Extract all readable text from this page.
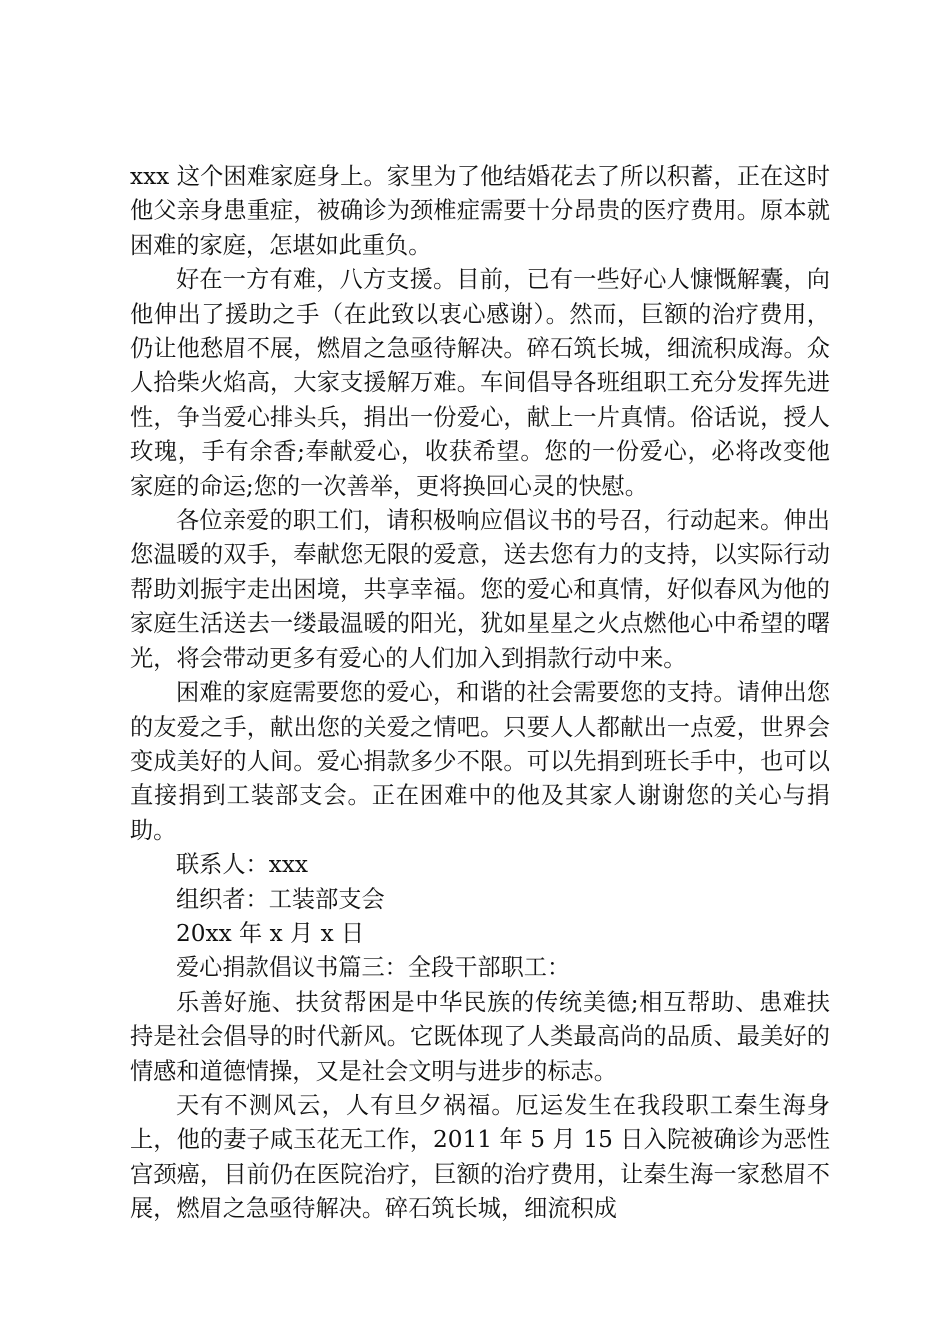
xxx 这个困难家庭身上。家里为了他结婚花去了所以积蓄，正在这时他父亲身患重症，被确诊为颈椎症需要十分昂贵的医疗费用。原本就困难的家庭，怎堪如此重负。

好在一方有难，八方支援。目前，已有一些好心人慷慨解囊，向他伸出了援助之手（在此致以衷心感谢）。然而，巨额的治疗费用，仍让他愁眉不展，燃眉之急亟待解决。碎石筑长城，细流积成海。众人拾柴火焰高，大家支援解万难。车间倡导各班组职工充分发挥先进性，争当爱心排头兵，捐出一份爱心，献上一片真情。俗话说，授人玫瑰，手有余香;奉献爱心，收获希望。您的一份爱心，必将改变他家庭的命运;您的一次善举，更将换回心灵的快慰。

各位亲爱的职工们，请积极响应倡议书的号召，行动起来。伸出您温暖的双手，奉献您无限的爱意，送去您有力的支持，以实际行动帮助刘振宇走出困境，共享幸福。您的爱心和真情，好似春风为他的家庭生活送去一缕最温暖的阳光，犹如星星之火点燃他心中希望的曙光，将会带动更多有爱心的人们加入到捐款行动中来。

困难的家庭需要您的爱心，和谐的社会需要您的支持。请伸出您的友爱之手，献出您的关爱之情吧。只要人人都献出一点爱，世界会变成美好的人间。爱心捐款多少不限。可以先捐到班长手中，也可以直接捐到工装部支会。正在困难中的他及其家人谢谢您的关心与捐助。

联系人：xxx

组织者：工装部支会

20xx 年 x 月 x 日

爱心捐款倡议书篇三：全段干部职工：

乐善好施、扶贫帮困是中华民族的传统美德;相互帮助、患难扶持是社会倡导的时代新风。它既体现了人类最高尚的品质、最美好的情感和道德情操，又是社会文明与进步的标志。

天有不测风云，人有旦夕祸福。厄运发生在我段职工秦生海身上，他的妻子咸玉花无工作，2011 年 5 月 15 日入院被确诊为恶性宫颈癌，目前仍在医院治疗，巨额的治疗费用，让秦生海一家愁眉不展，燃眉之急亟待解决。碎石筑长城，细流积成
